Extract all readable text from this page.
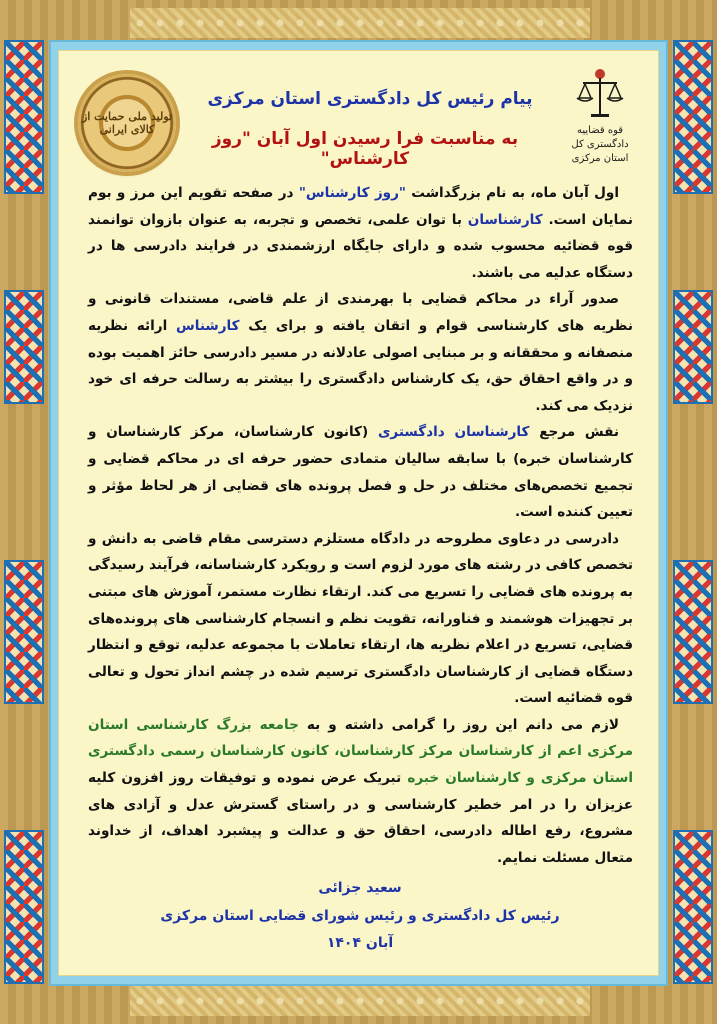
تولید ملی حمایت از کالای ایرانی	قوه قضاییه
دادگستری کل استان مرکزی
پیام رئیس کل دادگستری استان مرکزی
به مناسبت فرا رسیدن اول آبان "روز کارشناس"

اول آبان ماه، به نام بزرگداشت "روز کارشناس" در صفحه تقویم این مرز و بوم نمایان است. کارشناسان با توان علمی، تخصص و تجربه، به عنوان بازوان توانمند قوه قضائیه محسوب شده و دارای جایگاه ارزشمندی در فرایند دادرسی ها در دستگاه عدلیه می باشند.

صدور آراء در محاکم قضایی با بهرمندی از علم قاضی، مستندات قانونی و نظریه های کارشناسی قوام و اتقان یافته و برای یک کارشناس ارائه نظریه منصفانه و محققانه و بر مبنایی اصولی عادلانه در مسیر دادرسی حائز اهمیت بوده و در واقع احقاق حق، یک کارشناس دادگستری را بیشتر به رسالت حرفه ای خود نزدیک می کند.

نقش مرجع کارشناسان دادگستری (کانون کارشناسان، مرکز کارشناسان و کارشناسان خبره) با سابقه سالیان متمادی حضور حرفه ای در محاکم قضایی و تجمیع تخصص‌های مختلف در حل و فصل پرونده های قضایی از هر لحاظ مؤثر و تعیین کننده است.

دادرسی در دعاوی مطروحه در دادگاه مستلزم دسترسی مقام قاضی به دانش و تخصص کافی در رشته های مورد لزوم است و رویکرد کارشناسانه، فرآیند رسیدگی به پرونده های قضایی را تسریع می کند. ارتقاء نظارت مستمر، آموزش های مبتنی بر تجهیزات هوشمند و فناورانه، تقویت نظم و انسجام کارشناسی های پرونده‌های قضایی، تسریع در اعلام نظریه ها، ارتقاء تعاملات با مجموعه عدلیه، توقع و انتظار دستگاه قضایی از کارشناسان دادگستری ترسیم شده در چشم انداز تحول و تعالی قوه قضائیه است.

لازم می دانم این روز را گرامی داشته و به جامعه بزرگ کارشناسی استان مرکزی اعم از کارشناسان مرکز کارشناسان، کانون کارشناسان رسمی دادگستری استان مرکزی و کارشناسان خبره تبریک عرض نموده و توفیقات روز افزون کلیه عزیزان را در امر خطیر کارشناسی و در راستای گسترش عدل و آزادی های مشروع، رفع اطاله دادرسی، احقاق حق و عدالت و پیشبرد اهداف، از خداوند متعال مسئلت نمایم.

سعید جزائی
رئیس کل دادگستری و رئیس شورای قضایی استان مرکزی
آبان ۱۴۰۴
